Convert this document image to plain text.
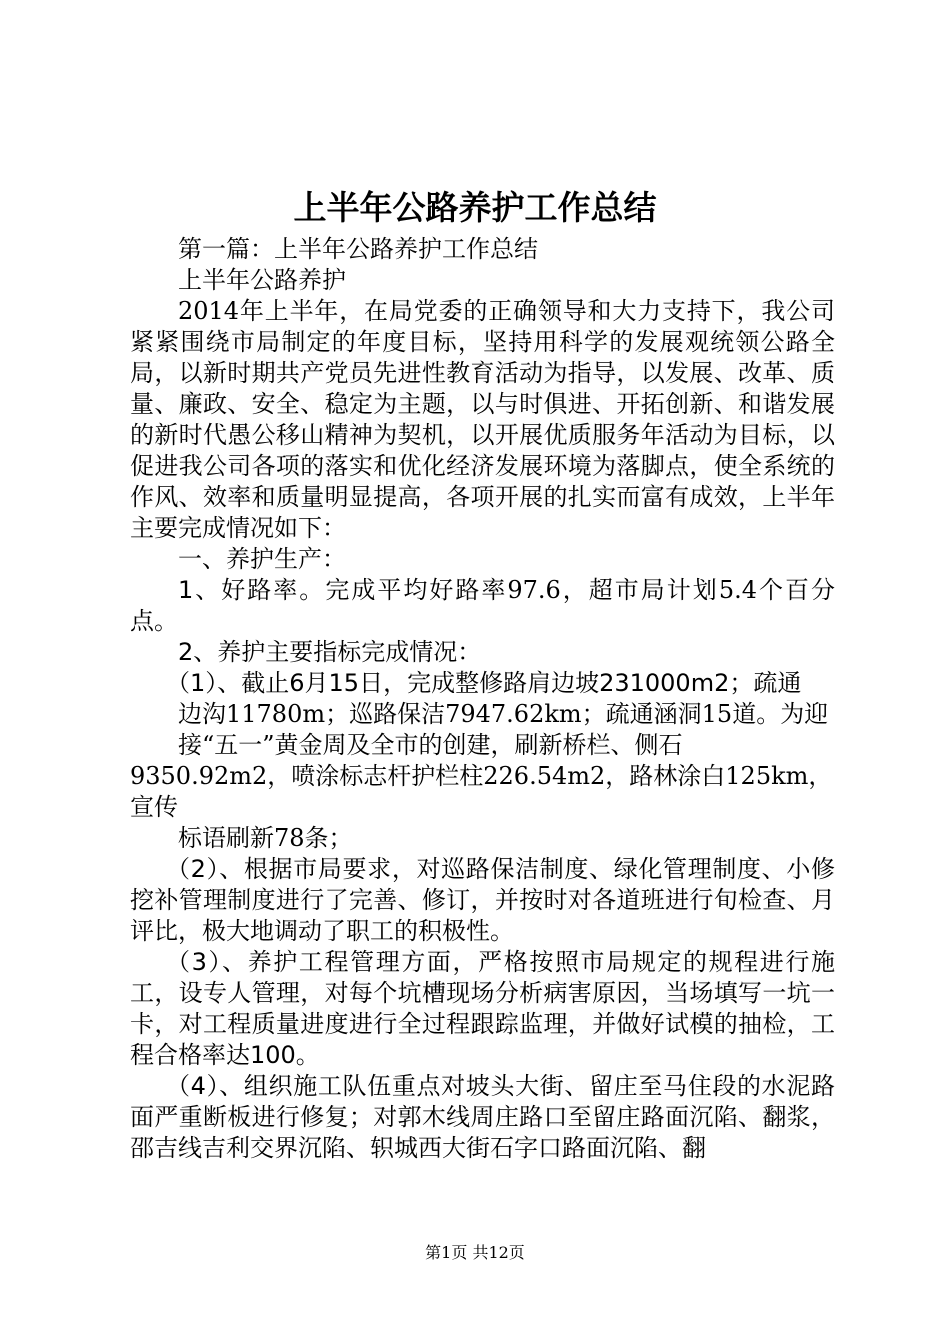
上半年公路养护工作总结

第一篇：上半年公路养护工作总结

上半年公路养护

2014年上半年，在局党委的正确领导和大力支持下，我公司紧紧围绕市局制定的年度目标，坚持用科学的发展观统领公路全局，以新时期共产党员先进性教育活动为指导，以发展、改革、质量、廉政、安全、稳定为主题，以与时俱进、开拓创新、和谐发展的新时代愚公移山精神为契机，以开展优质服务年活动为目标，以促进我公司各项的落实和优化经济发展环境为落脚点，使全系统的作风、效率和质量明显提高，各项开展的扎实而富有成效，上半年主要完成情况如下：

一、养护生产：

1、好路率。完成平均好路率97.6，超市局计划5.4个百分点。

2、养护主要指标完成情况：

（1）、截止6月15日，完成整修路肩边坡231000m2；疏通

边沟11780m；巡路保洁7947.62km；疏通涵洞15道。为迎

接“五一”黄金周及全市的创建，刷新桥栏、侧石9350.92m2，喷涂标志杆护栏柱226.54m2，路林涂白125km，宣传

标语刷新78条；

（2）、根据市局要求，对巡路保洁制度、绿化管理制度、小修挖补管理制度进行了完善、修订，并按时对各道班进行旬检查、月评比，极大地调动了职工的积极性。

（3）、养护工程管理方面，严格按照市局规定的规程进行施工，设专人管理，对每个坑槽现场分析病害原因，当场填写一坑一卡，对工程质量进度进行全过程跟踪监理，并做好试模的抽检，工程合格率达100。

（4）、组织施工队伍重点对坡头大街、留庄至马住段的水泥路面严重断板进行修复；对郭木线周庄路口至留庄路面沉陷、翻浆，邵吉线吉利交界沉陷、轵城西大街石字口路面沉陷、翻

第1页 共12页
